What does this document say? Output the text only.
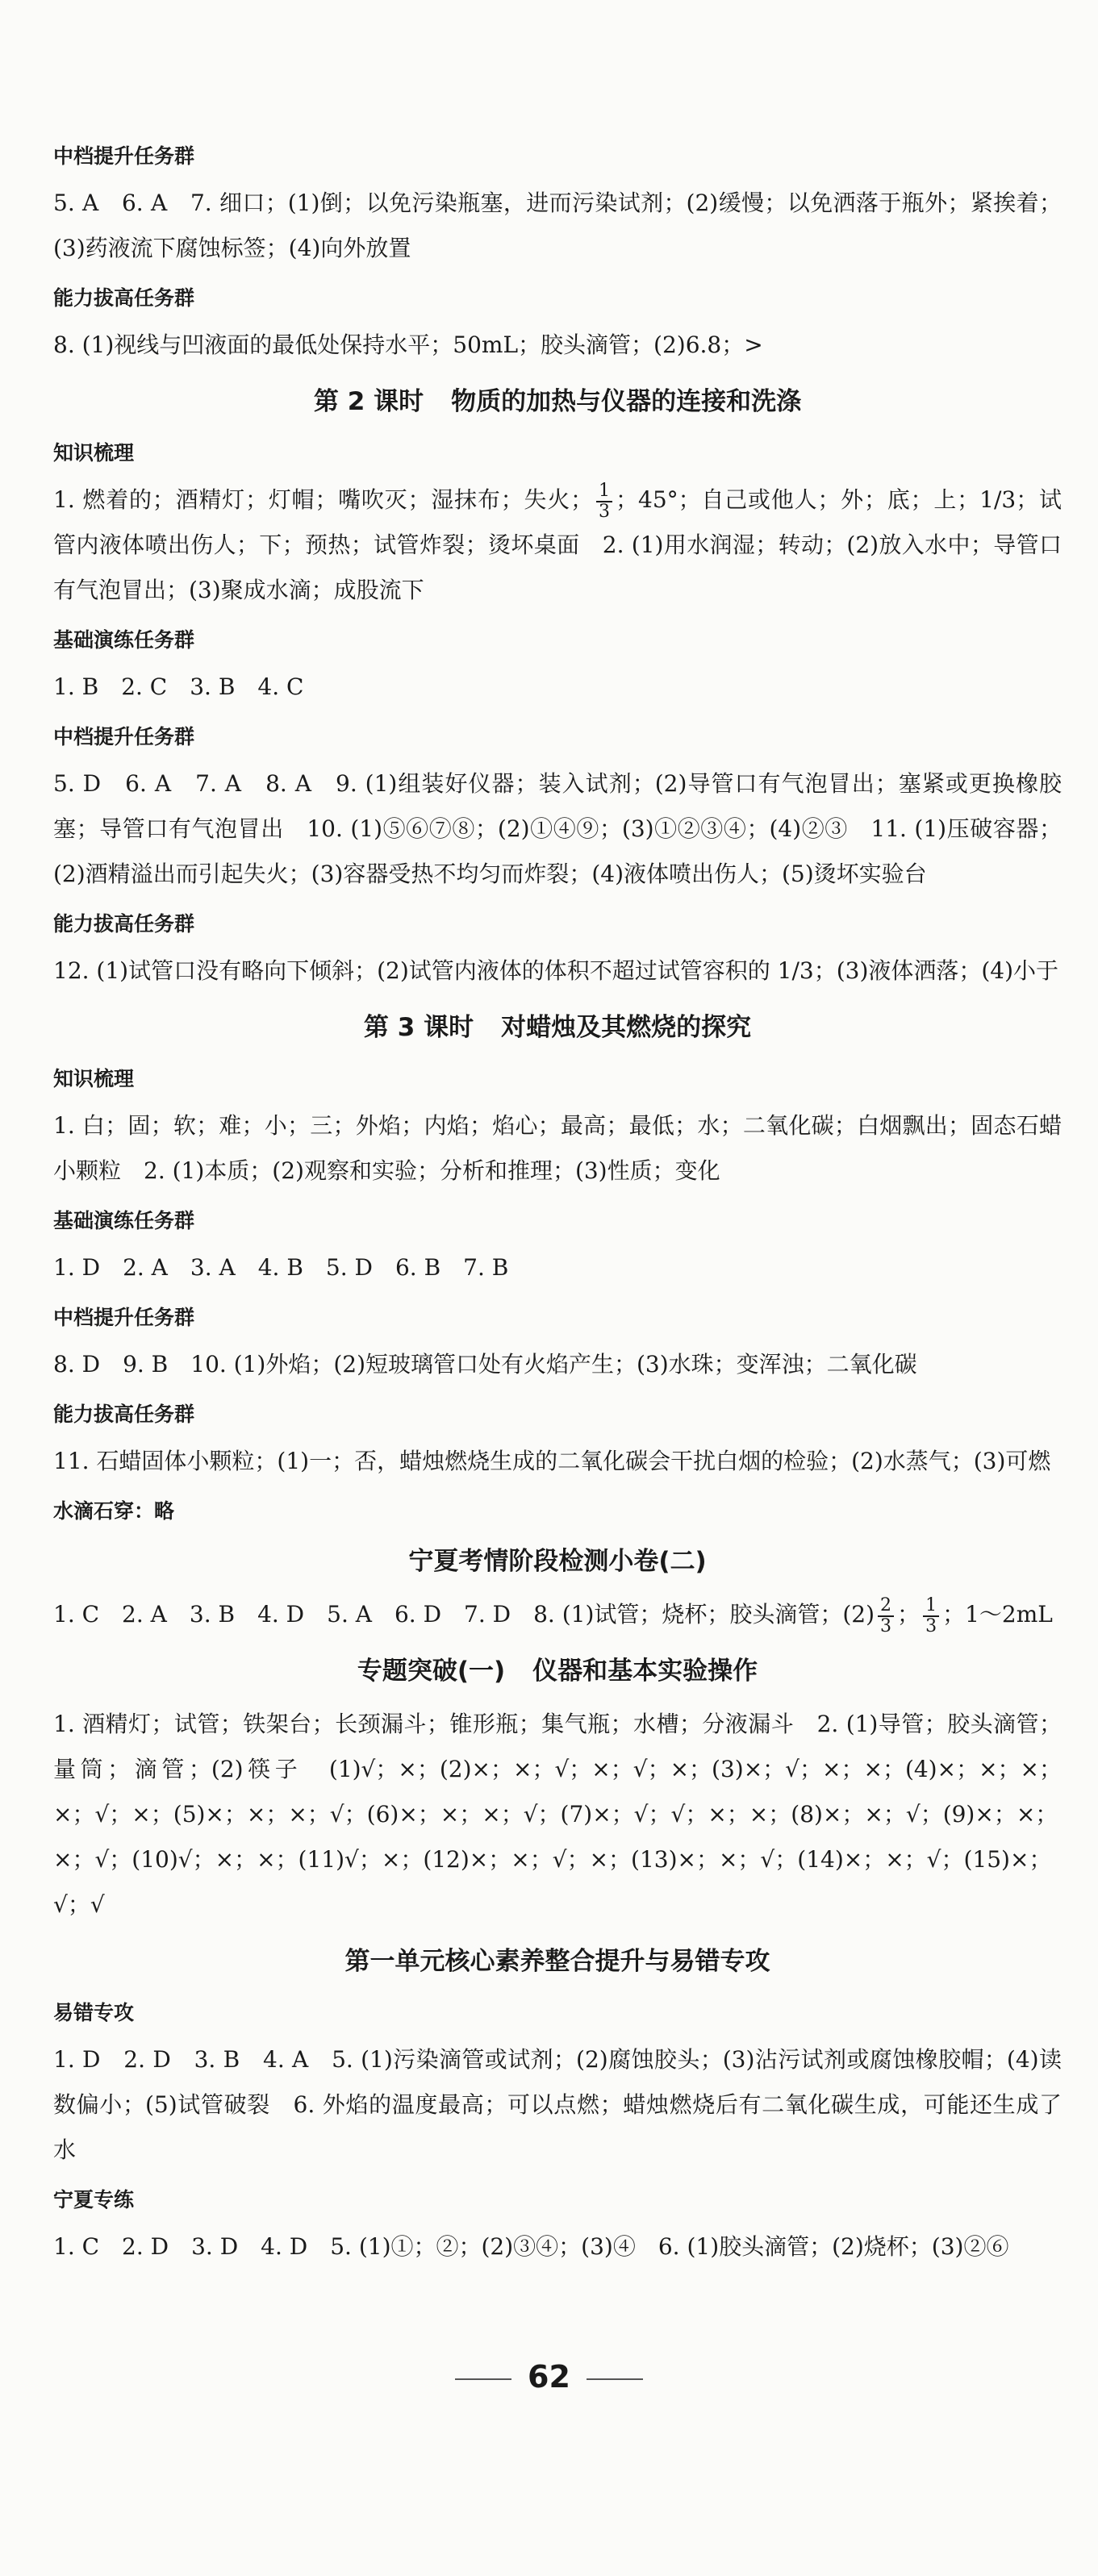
中档提升任务群

5. A　6. A　7. 细口；(1)倒；以免污染瓶塞，进而污染试剂；(2)缓慢；以免洒落于瓶外；紧挨着；(3)药液流下腐蚀标签；(4)向外放置

能力拔高任务群

8. (1)视线与凹液面的最低处保持水平；50mL；胶头滴管；(2)6.8；>

第 2 课时 物质的加热与仪器的连接和洗涤
知识梳理

1. 燃着的；酒精灯；灯帽；嘴吹灭；湿抹布；失火； $\frac{1}{3}$ ；45°；自己或他人；外；底；上；1/3；试管内液体喷出伤人；下；预热；试管炸裂；烫坏桌面　2. (1)用水润湿；转动；(2)放入水中；导管口有气泡冒出；(3)聚成水滴；成股流下

基础演练任务群

1. B　2. C　3. B　4. C

中档提升任务群

5. D　6. A　7. A　8. A　9. (1)组装好仪器；装入试剂；(2)导管口有气泡冒出；塞紧或更换橡胶塞；导管口有气泡冒出　10. (1)⑤⑥⑦⑧；(2)①④⑨；(3)①②③④；(4)②③　11. (1)压破容器；(2)酒精溢出而引起失火；(3)容器受热不均匀而炸裂；(4)液体喷出伤人；(5)烫坏实验台

能力拔高任务群

12. (1)试管口没有略向下倾斜；(2)试管内液体的体积不超过试管容积的 1/3；(3)液体洒落；(4)小于

第 3 课时 对蜡烛及其燃烧的探究
知识梳理

1. 白；固；软；难；小；三；外焰；内焰；焰心；最高；最低；水；二氧化碳；白烟飘出；固态石蜡小颗粒　2. (1)本质；(2)观察和实验；分析和推理；(3)性质；变化

基础演练任务群

1. D　2. A　3. A　4. B　5. D　6. B　7. B

中档提升任务群

8. D　9. B　10. (1)外焰；(2)短玻璃管口处有火焰产生；(3)水珠；变浑浊；二氧化碳

能力拔高任务群

11. 石蜡固体小颗粒；(1)一；否，蜡烛燃烧生成的二氧化碳会干扰白烟的检验；(2)水蒸气；(3)可燃

水滴石穿：略
宁夏考情阶段检测小卷(二)

1. C　2. A　3. B　4. D　5. A　6. D　7. D　8. (1)试管；烧杯；胶头滴管；$(2) \frac{2}{3}$ ； $\frac{1}{3}$ ；1～2mL

专题突破(一) 仪器和基本实验操作

1. 酒精灯；试管；铁架台；长颈漏斗；锥形瓶；集气瓶；水槽；分液漏斗　2. (1)导管；胶头滴管；量筒；滴管；(2)筷子　(1)√；×；(2)×；×；√；×；√；×；(3)×；√；×；×；(4)×；×；×；×；√；×；(5)×；×；×；√；(6)×；×；×；√；(7)×；√；√；×；×；(8)×；×；√；(9)×；×；×；√；(10)√；×；×；(11)√；×；(12)×；×；√；×；(13)×；×；√；(14)×；×；√；(15)×；√；√

第一单元核心素养整合提升与易错专攻
易错专攻

1. D　2. D　3. B　4. A　5. (1)污染滴管或试剂；(2)腐蚀胶头；(3)沾污试剂或腐蚀橡胶帽；(4)读数偏小；(5)试管破裂　6. 外焰的温度最高；可以点燃；蜡烛燃烧后有二氧化碳生成，可能还生成了水

宁夏专练

1. C　2. D　3. D　4. D　5. (1)①；②；(2)③④；(3)④　6. (1)胶头滴管；(2)烧杯；(3)②⑥

62
